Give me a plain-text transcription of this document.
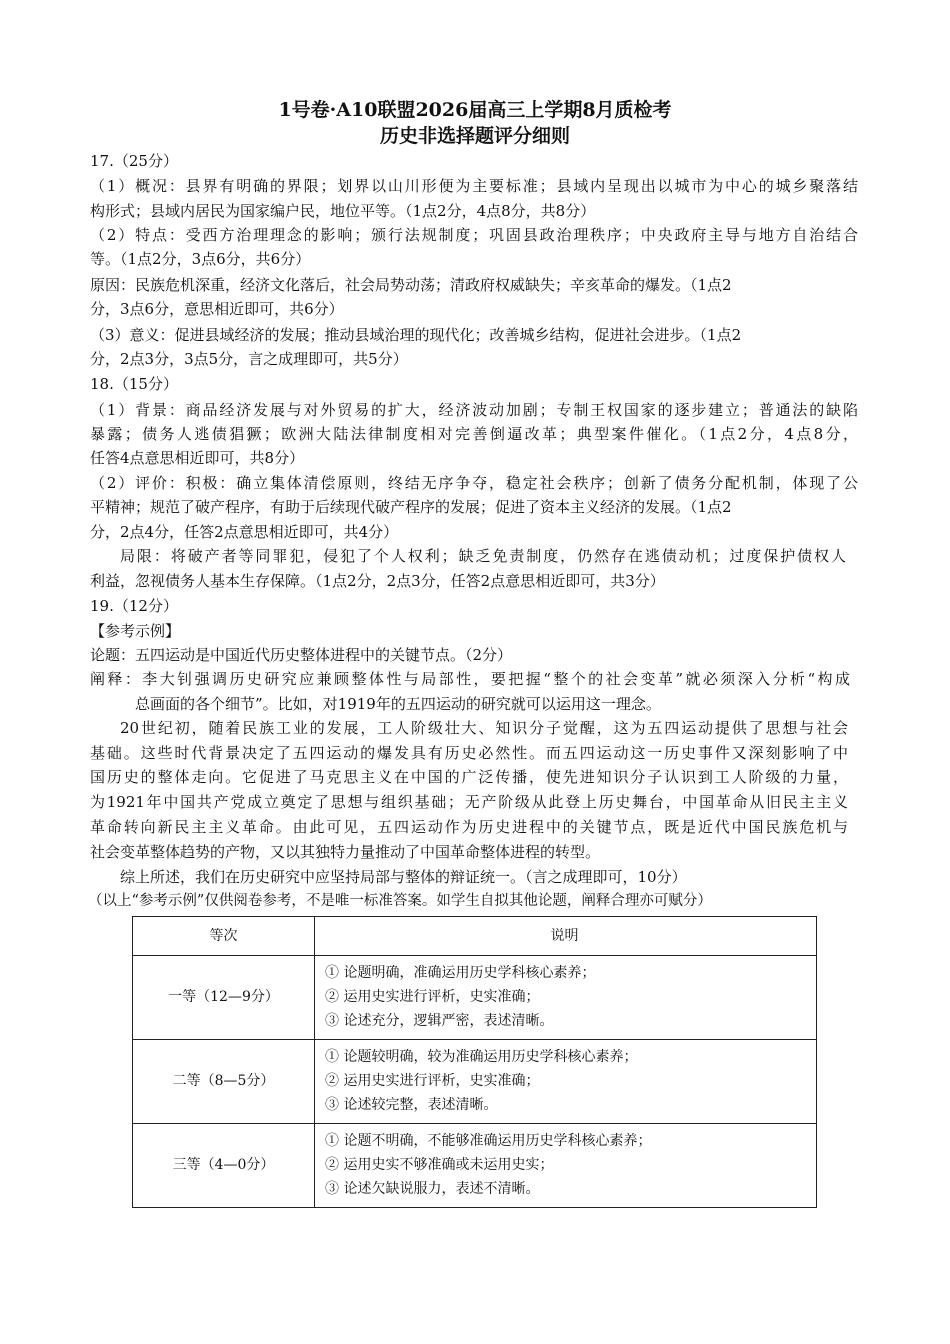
1号卷·A10联盟2026届高三上学期8月质检考
历史非选择题评分细则
17.（25分）
（1）概况：县界有明确的界限；划界以山川形便为主要标准；县域内呈现出以城市为中心的城乡聚落结
构形式；县域内居民为国家编户民，地位平等。（1点2分，4点8分，共8分）
（2）特点：受西方治理理念的影响；颁行法规制度；巩固县政治理秩序；中央政府主导与地方自治结合
等。（1点2分，3点6分，共6分）
原因：民族危机深重，经济文化落后，社会局势动荡；清政府权威缺失；辛亥革命的爆发。（1点2
分，3点6分，意思相近即可，共6分）
（3）意义：促进县域经济的发展；推动县域治理的现代化；改善城乡结构，促进社会进步。（1点2
分，2点3分，3点5分，言之成理即可，共5分）
18.（15分）
（1）背景：商品经济发展与对外贸易的扩大，经济波动加剧；专制王权国家的逐步建立；普通法的缺陷
暴露；债务人逃债猖獗；欧洲大陆法律制度相对完善倒逼改革；典型案件催化。（1点2分，4点8分，
任答4点意思相近即可，共8分）
（2）评价：积极：确立集体清偿原则，终结无序争夺，稳定社会秩序；创新了债务分配机制，体现了公
平精神；规范了破产程序，有助于后续现代破产程序的发展；促进了资本主义经济的发展。（1点2
分，2点4分，任答2点意思相近即可，共4分）
局限：将破产者等同罪犯，侵犯了个人权利；缺乏免责制度，仍然存在逃债动机；过度保护债权人
利益，忽视债务人基本生存保障。（1点2分，2点3分，任答2点意思相近即可，共3分）
19.（12分）
【参考示例】
论题：五四运动是中国近代历史整体进程中的关键节点。（2分）
阐释：李大钊强调历史研究应兼顾整体性与局部性，要把握“整个的社会变革”就必须深入分析“构成
总画面的各个细节”。比如，对1919年的五四运动的研究就可以运用这一理念。
20世纪初，随着民族工业的发展，工人阶级壮大、知识分子觉醒，这为五四运动提供了思想与社会
基础。这些时代背景决定了五四运动的爆发具有历史必然性。而五四运动这一历史事件又深刻影响了中
国历史的整体走向。它促进了马克思主义在中国的广泛传播，使先进知识分子认识到工人阶级的力量，
为1921年中国共产党成立奠定了思想与组织基础；无产阶级从此登上历史舞台，中国革命从旧民主主义
革命转向新民主主义革命。由此可见，五四运动作为历史进程中的关键节点，既是近代中国民族危机与
社会变革整体趋势的产物，又以其独特力量推动了中国革命整体进程的转型。
综上所述，我们在历史研究中应坚持局部与整体的辩证统一。（言之成理即可，10分）
（以上“参考示例”仅供阅卷参考，不是唯一标准答案。如学生自拟其他论题，阐释合理亦可赋分）
等次	说明
一等（12—9分）
① 论题明确，准确运用历史学科核心素养；
② 运用史实进行评析，史实准确；
③ 论述充分，逻辑严密，表述清晰。
二等（8—5分）
① 论题较明确，较为准确运用历史学科核心素养；
② 运用史实进行评析，史实准确；
③ 论述较完整，表述清晰。
三等（4—0分）
① 论题不明确，不能够准确运用历史学科核心素养；
② 运用史实不够准确或未运用史实；
③ 论述欠缺说服力，表述不清晰。
